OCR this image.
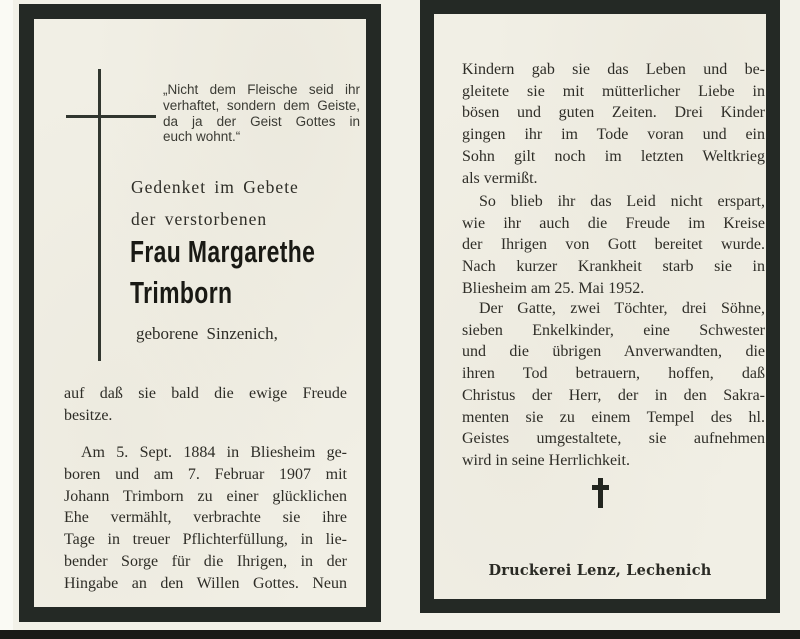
„Nicht dem Fleische seid ihr
verhaftet, sondern dem Geiste,
da ja der Geist Gottes in
euch wohnt.“
Gedenket im Gebete
der verstorbenen
Frau Margarethe
Trimborn
geborene Sinzenich,
auf daß sie bald die ewige Freude
besitze.
Am 5. Sept. 1884 in Bliesheim ge-
boren und am 7. Februar 1907 mit
Johann Trimborn zu einer glücklichen
Ehe vermählt, verbrachte sie ihre
Tage in treuer Pflichterfüllung, in lie-
bender Sorge für die Ihrigen, in der
Hingabe an den Willen Gottes. Neun
Kindern gab sie das Leben und be-
gleitete sie mit mütterlicher Liebe in
bösen und guten Zeiten. Drei Kinder
gingen ihr im Tode voran und ein
Sohn gilt noch im letzten Weltkrieg
als vermißt.
So blieb ihr das Leid nicht erspart,
wie ihr auch die Freude im Kreise
der Ihrigen von Gott bereitet wurde.
Nach kurzer Krankheit starb sie in
Bliesheim am 25. Mai 1952.
Der Gatte, zwei Töchter, drei Söhne,
sieben Enkelkinder, eine Schwester
und die übrigen Anverwandten, die
ihren Tod betrauern, hoffen, daß
Christus der Herr, der in den Sakra-
menten sie zu einem Tempel des hl.
Geistes umgestaltete, sie aufnehmen
wird in seine Herrlichkeit.
Druckerei Lenz, Lechenich
